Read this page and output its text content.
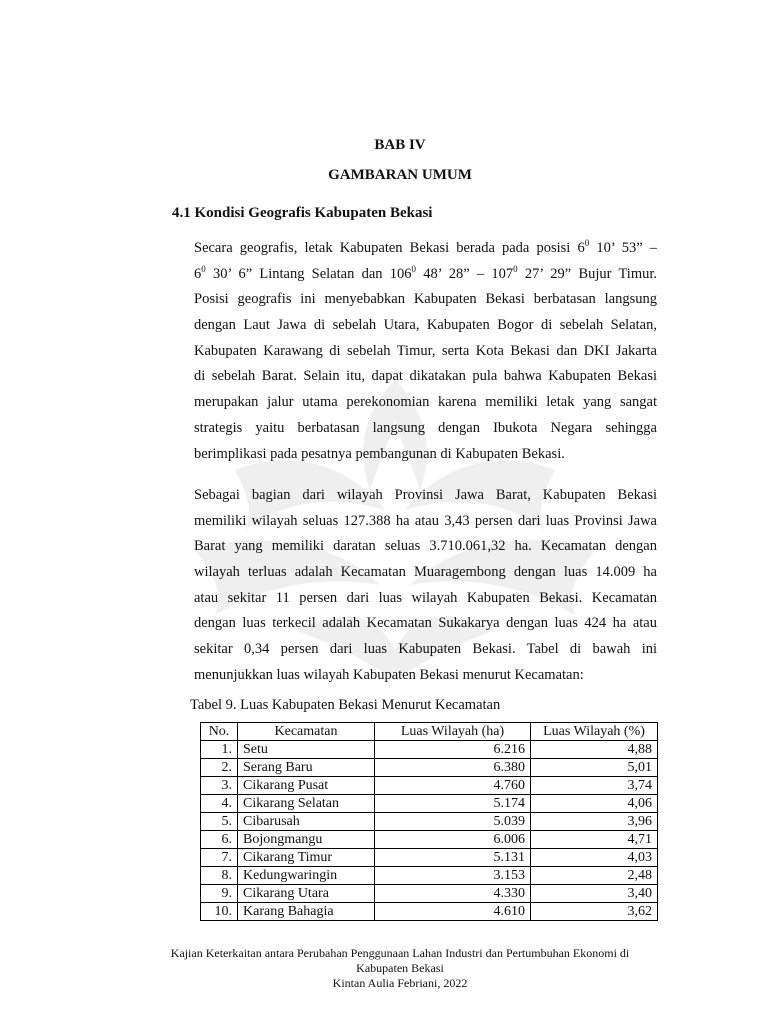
BAB IV
GAMBARAN UMUM
4.1 Kondisi Geografis Kabupaten Bekasi
Secara geografis, letak Kabupaten Bekasi berada pada posisi $6^0$ 10’ 53” –
$6^0$ 30’ 6” Lintang Selatan dan $106^0$ 48’ 28” – $107^0$ 27’ 29” Bujur Timur.
Posisi geografis ini menyebabkan Kabupaten Bekasi berbatasan langsung
dengan Laut Jawa di sebelah Utara, Kabupaten Bogor di sebelah Selatan,
Kabupaten Karawang di sebelah Timur, serta Kota Bekasi dan DKI Jakarta
di sebelah Barat. Selain itu, dapat dikatakan pula bahwa Kabupaten Bekasi
merupakan jalur utama perekonomian karena memiliki letak yang sangat
strategis yaitu berbatasan langsung dengan Ibukota Negara sehingga
berimplikasi pada pesatnya pembangunan di Kabupaten Bekasi.
Sebagai bagian dari wilayah Provinsi Jawa Barat, Kabupaten Bekasi
memiliki wilayah seluas 127.388 ha atau 3,43 persen dari luas Provinsi Jawa
Barat yang memiliki daratan seluas 3.710.061,32 ha. Kecamatan dengan
wilayah terluas adalah Kecamatan Muaragembong dengan luas 14.009 ha
atau sekitar 11 persen dari luas wilayah Kabupaten Bekasi. Kecamatan
dengan luas terkecil adalah Kecamatan Sukakarya dengan luas 424 ha atau
sekitar 0,34 persen dari luas Kabupaten Bekasi. Tabel di bawah ini
menunjukkan luas wilayah Kabupaten Bekasi menurut Kecamatan:
Tabel 9. Luas Kabupaten Bekasi Menurut Kecamatan
No.	Kecamatan	Luas Wilayah (ha)	Luas Wilayah (%)
1.	Setu	6.216	4,88
2.	Serang Baru	6.380	5,01
3.	Cikarang Pusat	4.760	3,74
4.	Cikarang Selatan	5.174	4,06
5.	Cibarusah	5.039	3,96
6.	Bojongmangu	6.006	4,71
7.	Cikarang Timur	5.131	4,03
8.	Kedungwaringin	3.153	2,48
9.	Cikarang Utara	4.330	3,40
10.	Karang Bahagia	4.610	3,62
Kajian Keterkaitan antara Perubahan Penggunaan Lahan Industri dan Pertumbuhan Ekonomi di
Kabupaten Bekasi
Kintan Aulia Febriani, 2022
